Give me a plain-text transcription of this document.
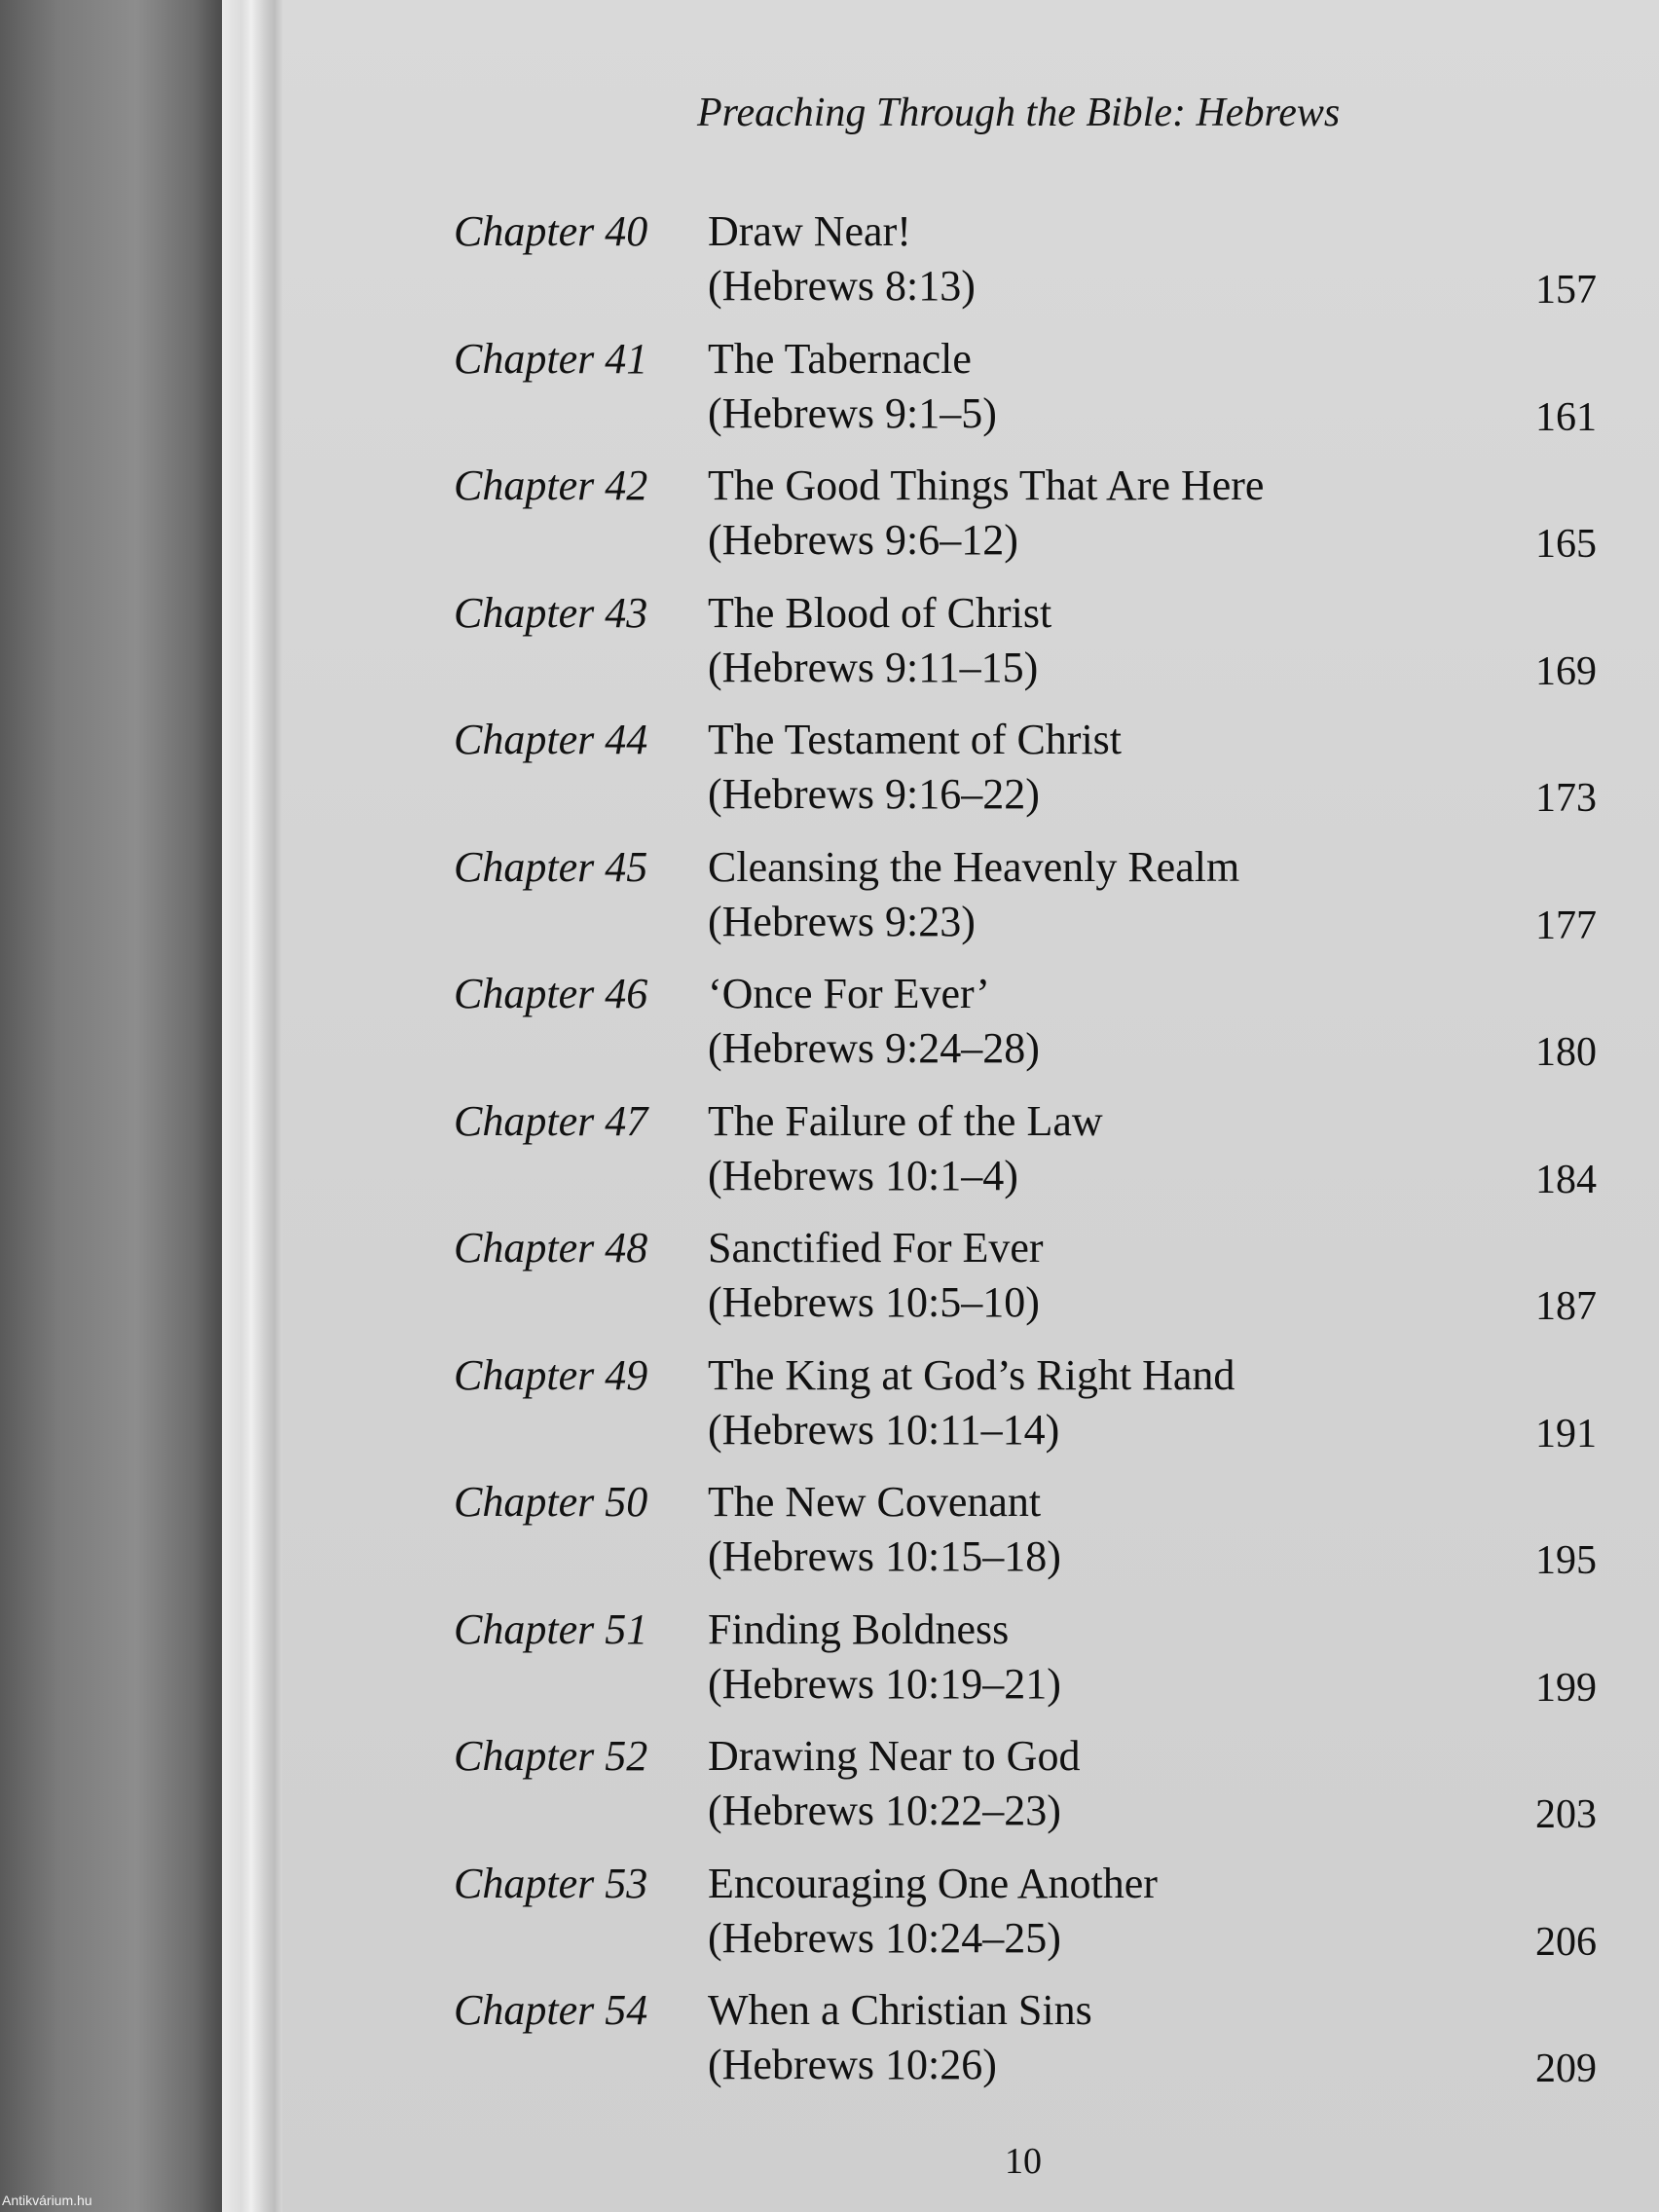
Preaching Through the Bible: Hebrews
Chapter 40 Draw Near!
(Hebrews 8:13)	157
Chapter 41 The Tabernacle
(Hebrews 9:1–5)	161
Chapter 42 The Good Things That Are Here
(Hebrews 9:6–12)	165
Chapter 43 The Blood of Christ
(Hebrews 9:11–15)	169
Chapter 44 The Testament of Christ
(Hebrews 9:16–22)	173
Chapter 45 Cleansing the Heavenly Realm
(Hebrews 9:23)	177
Chapter 46 ‘Once For Ever’
(Hebrews 9:24–28)	180
Chapter 47 The Failure of the Law
(Hebrews 10:1–4)	184
Chapter 48 Sanctified For Ever
(Hebrews 10:5–10)	187
Chapter 49 The King at God’s Right Hand
(Hebrews 10:11–14)	191
Chapter 50 The New Covenant
(Hebrews 10:15–18)	195
Chapter 51 Finding Boldness
(Hebrews 10:19–21)	199
Chapter 52 Drawing Near to God
(Hebrews 10:22–23)	203
Chapter 53 Encouraging One Another
(Hebrews 10:24–25)	206
Chapter 54 When a Christian Sins
(Hebrews 10:26)	209
10
Antikvárium.hu
